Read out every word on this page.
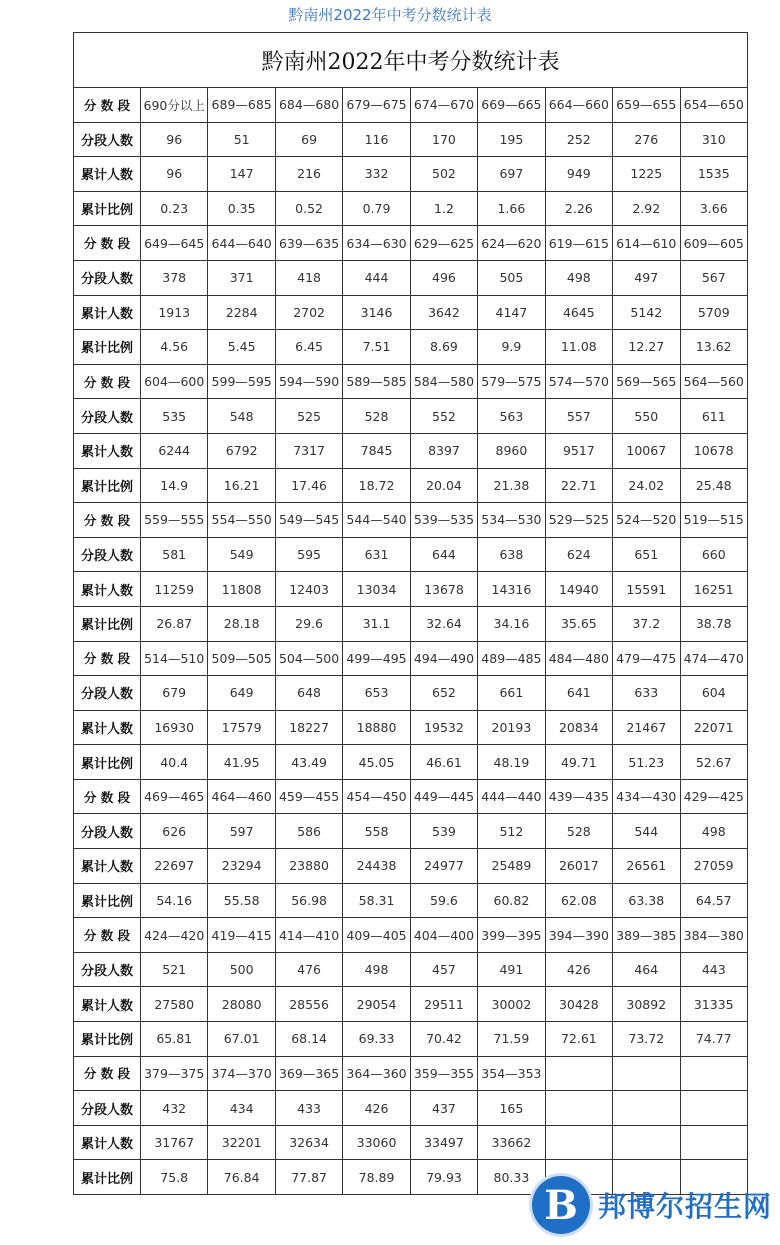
黔南州2022年中考分数统计表
黔南州2022年中考分数统计表									
分 数 段	690分以上	689—685	684—680	679—675	674—670	669—665	664—660	659—655	654—650
分段人数	96	51	69	116	170	195	252	276	310
累计人数	96	147	216	332	502	697	949	1225	1535
累计比例	0.23	0.35	0.52	0.79	1.2	1.66	2.26	2.92	3.66
分 数 段	649—645	644—640	639—635	634—630	629—625	624—620	619—615	614—610	609—605
分段人数	378	371	418	444	496	505	498	497	567
累计人数	1913	2284	2702	3146	3642	4147	4645	5142	5709
累计比例	4.56	5.45	6.45	7.51	8.69	9.9	11.08	12.27	13.62
分 数 段	604—600	599—595	594—590	589—585	584—580	579—575	574—570	569—565	564—560
分段人数	535	548	525	528	552	563	557	550	611
累计人数	6244	6792	7317	7845	8397	8960	9517	10067	10678
累计比例	14.9	16.21	17.46	18.72	20.04	21.38	22.71	24.02	25.48
分 数 段	559—555	554—550	549—545	544—540	539—535	534—530	529—525	524—520	519—515
分段人数	581	549	595	631	644	638	624	651	660
累计人数	11259	11808	12403	13034	13678	14316	14940	15591	16251
累计比例	26.87	28.18	29.6	31.1	32.64	34.16	35.65	37.2	38.78
分 数 段	514—510	509—505	504—500	499—495	494—490	489—485	484—480	479—475	474—470
分段人数	679	649	648	653	652	661	641	633	604
累计人数	16930	17579	18227	18880	19532	20193	20834	21467	22071
累计比例	40.4	41.95	43.49	45.05	46.61	48.19	49.71	51.23	52.67
分 数 段	469—465	464—460	459—455	454—450	449—445	444—440	439—435	434—430	429—425
分段人数	626	597	586	558	539	512	528	544	498
累计人数	22697	23294	23880	24438	24977	25489	26017	26561	27059
累计比例	54.16	55.58	56.98	58.31	59.6	60.82	62.08	63.38	64.57
分 数 段	424—420	419—415	414—410	409—405	404—400	399—395	394—390	389—385	384—380
分段人数	521	500	476	498	457	491	426	464	443
累计人数	27580	28080	28556	29054	29511	30002	30428	30892	31335
累计比例	65.81	67.01	68.14	69.33	70.42	71.59	72.61	73.72	74.77
分 数 段	379—375	374—370	369—365	364—360	359—355	354—353			
分段人数	432	434	433	426	437	165			
累计人数	31767	32201	32634	33060	33497	33662			
累计比例	75.8	76.84	77.87	78.89	79.93	80.33			
B 邦博尔招生网
